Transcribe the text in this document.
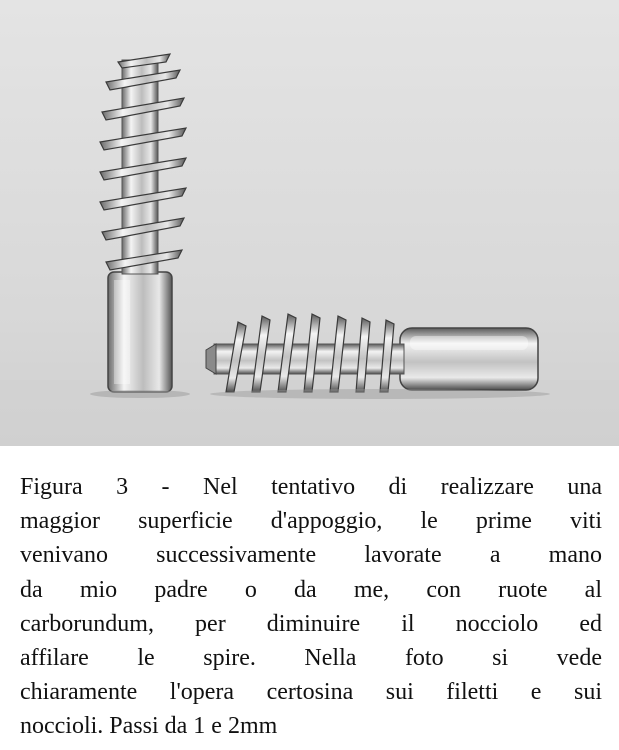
Figura 3 - Nel tentativo di realizzare una
maggior superficie d'appoggio, le prime viti
venivano successivamente lavorate a mano
da mio padre o da me, con ruote al
carborundum, per diminuire il nocciolo ed
affilare le spire. Nella foto si vede
chiaramente l'opera certosina sui filetti e sui
noccioli. Passi da 1 e 2mm
